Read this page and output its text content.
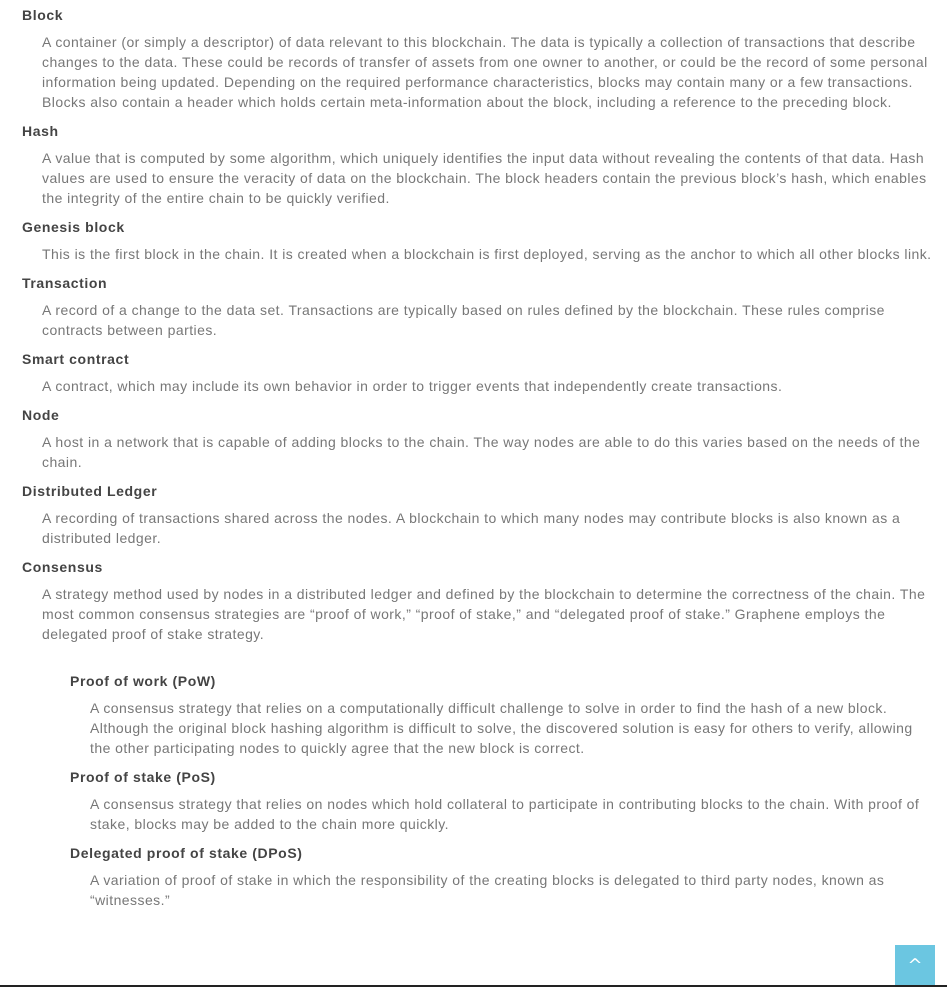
Block
A container (or simply a descriptor) of data relevant to this blockchain. The data is typically a collection of transactions that describe changes to the data. These could be records of transfer of assets from one owner to another, or could be the record of some personal information being updated. Depending on the required performance characteristics, blocks may contain many or a few transactions. Blocks also contain a header which holds certain meta-information about the block, including a reference to the preceding block.
Hash
A value that is computed by some algorithm, which uniquely identifies the input data without revealing the contents of that data. Hash values are used to ensure the veracity of data on the blockchain. The block headers contain the previous block’s hash, which enables the integrity of the entire chain to be quickly verified.
Genesis block
This is the first block in the chain. It is created when a blockchain is first deployed, serving as the anchor to which all other blocks link.
Transaction
A record of a change to the data set. Transactions are typically based on rules defined by the blockchain. These rules comprise contracts between parties.
Smart contract
A contract, which may include its own behavior in order to trigger events that independently create transactions.
Node
A host in a network that is capable of adding blocks to the chain. The way nodes are able to do this varies based on the needs of the chain.
Distributed Ledger
A recording of transactions shared across the nodes. A blockchain to which many nodes may contribute blocks is also known as a distributed ledger.
Consensus
A strategy method used by nodes in a distributed ledger and defined by the blockchain to determine the correctness of the chain. The most common consensus strategies are “proof of work,” “proof of stake,” and “delegated proof of stake.” Graphene employs the delegated proof of stake strategy.
Proof of work (PoW)
A consensus strategy that relies on a computationally difficult challenge to solve in order to find the hash of a new block. Although the original block hashing algorithm is difficult to solve, the discovered solution is easy for others to verify, allowing the other participating nodes to quickly agree that the new block is correct.
Proof of stake (PoS)
A consensus strategy that relies on nodes which hold collateral to participate in contributing blocks to the chain. With proof of stake, blocks may be added to the chain more quickly.
Delegated proof of stake (DPoS)
A variation of proof of stake in which the responsibility of the creating blocks is delegated to third party nodes, known as “witnesses.”
^
